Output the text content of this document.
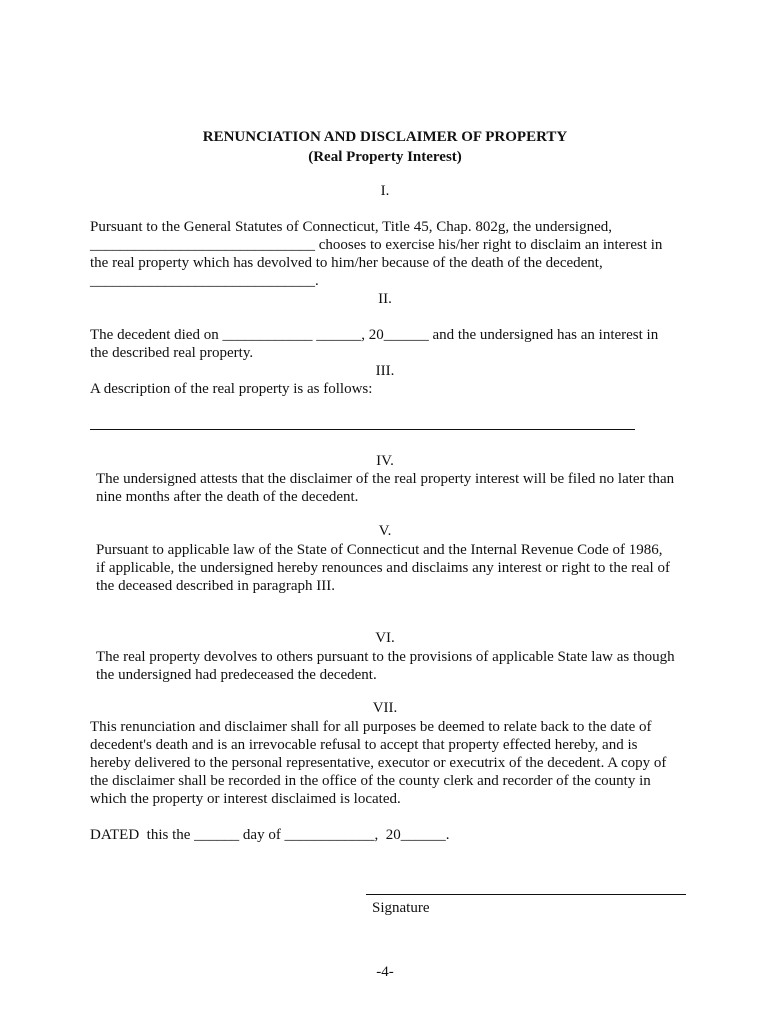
RENUNCIATION AND DISCLAIMER OF PROPERTY
(Real Property Interest)
I.
Pursuant to the General Statutes of Connecticut, Title 45, Chap. 802g, the undersigned,
______________________________ chooses to exercise his/her right to disclaim an interest in
the real property which has devolved to him/her because of the death of the decedent,
______________________________.
II.
The decedent died on ____________ ______, 20______ and the undersigned has an interest in
the described real property.
III.
A description of the real property is as follows:
IV.
The undersigned attests that the disclaimer of the real property interest will be filed no later than
nine months after the death of the decedent.
V.
Pursuant to applicable law of the State of Connecticut and the Internal Revenue Code of 1986,
if applicable, the undersigned hereby renounces and disclaims any interest or right to the real of
the deceased described in paragraph III.
VI.
The real property devolves to others pursuant to the provisions of applicable State law as though
the undersigned had predeceased the decedent.
VII.
This renunciation and disclaimer shall for all purposes be deemed to relate back to the date of
decedent's death and is an irrevocable refusal to accept that property effected hereby, and is
hereby delivered to the personal representative, executor or executrix of the decedent. A copy of
the disclaimer shall be recorded in the office of the county clerk and recorder of the county in
which the property or interest disclaimed is located.
DATED  this the ______ day of ____________,  20______.
Signature
-4-
